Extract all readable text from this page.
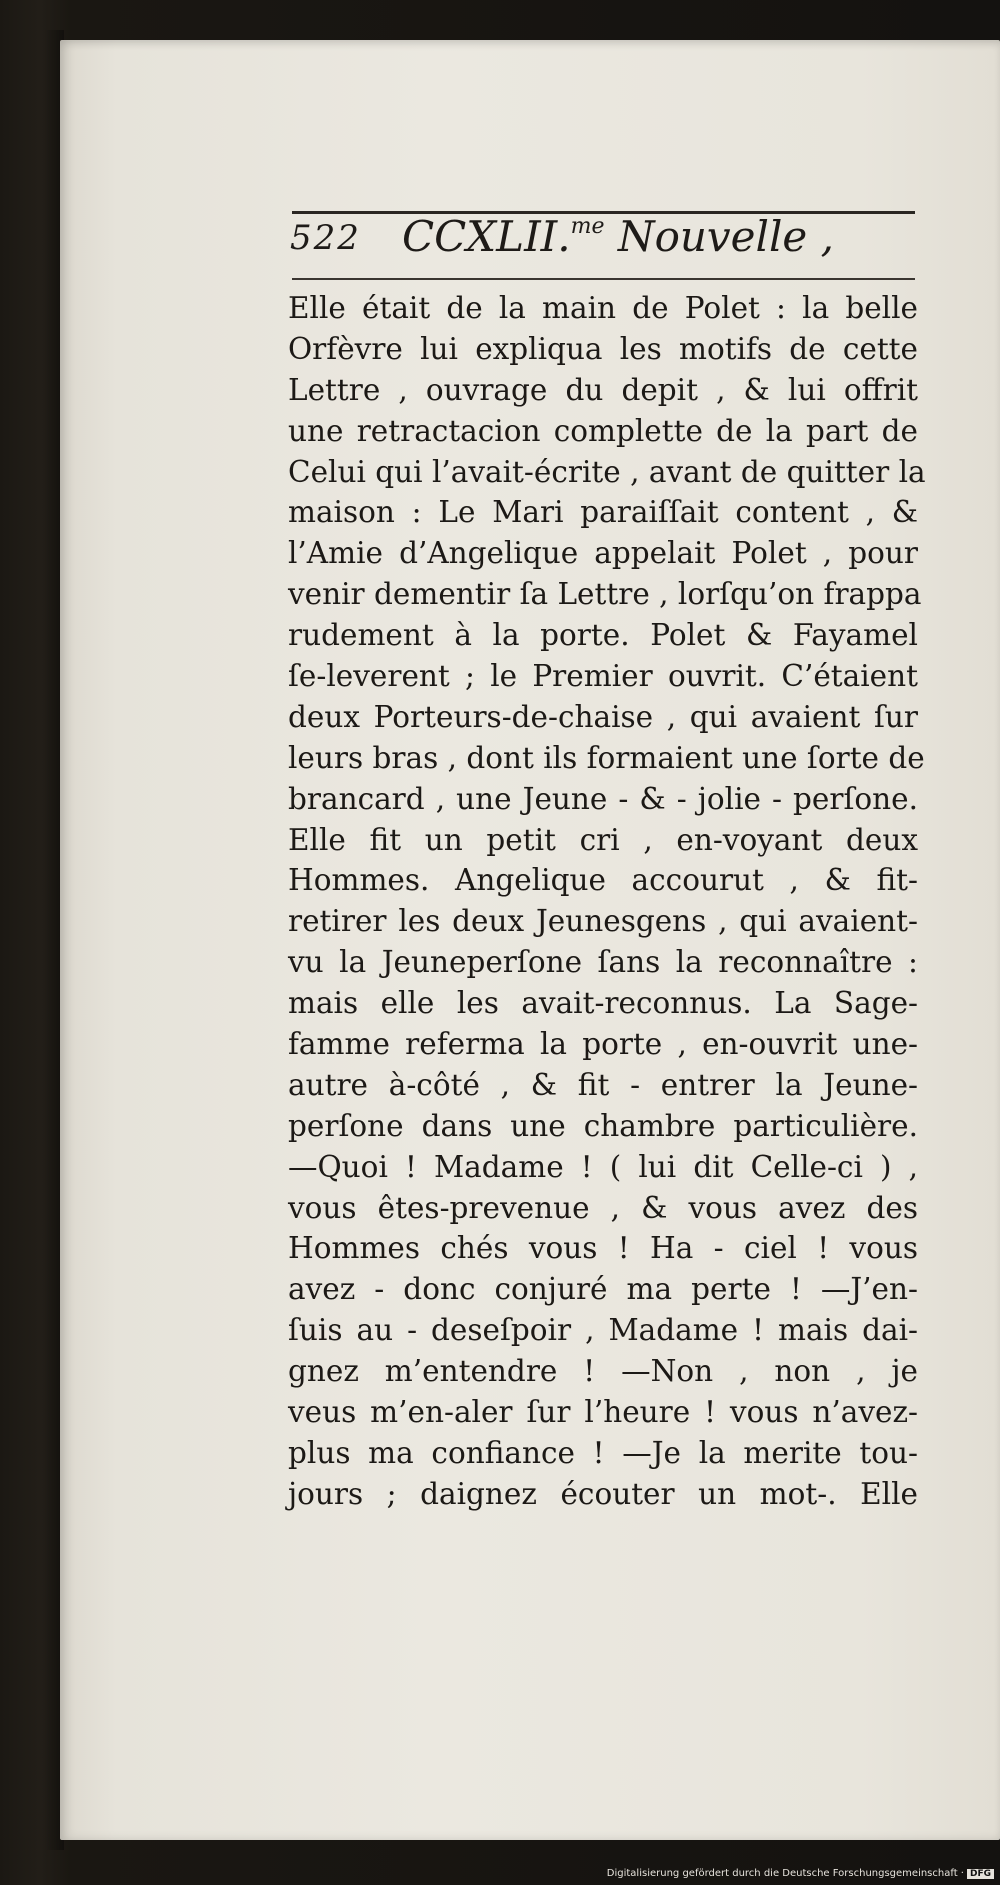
522 CCXLII.$^{me}$ Nouvelle ,
Elle était de la main de Polet : la belle
Orfèvre lui expliqua les motifs de cette
Lettre , ouvrage du depit , & lui offrit
une retractacion complette de la part de
Celui qui l’avait-écrite , avant de quitter la
maison : Le Mari paraiſſait content , &
l’Amie d’Angelique appelait Polet , pour
venir dementir ſa Lettre , lorſqu’on frappa
rudement à la porte. Polet & Fayamel
ſe-leverent ; le Premier ouvrit. C’étaient
deux Porteurs-de-chaise , qui avaient ſur
leurs bras , dont ils formaient une ſorte de
brancard , une Jeune - & - jolie - perſone.
Elle fit un petit cri , en-voyant deux
Hommes. Angelique accourut , & fit-
retirer les deux Jeunesgens , qui avaient-
vu la Jeuneperſone ſans la reconnaître :
mais elle les avait-reconnus. La Sage-
famme referma la porte , en-ouvrit une-
autre à-côté , & fit - entrer la Jeune-
perſone dans une chambre particulière.
—Quoi ! Madame ! ( lui dit Celle-ci ) ,
vous êtes-prevenue , & vous avez des
Hommes chés vous ! Ha - ciel ! vous
avez - donc conjuré ma perte ! —J’en-
ſuis au - deseſpoir , Madame ! mais dai-
gnez m’entendre ! —Non , non , je
veus m’en-aler ſur l’heure ! vous n’avez-
plus ma confiance ! —Je la merite tou-
jours ; daignez écouter un mot-. Elle
Digitalisierung gefördert durch die Deutsche Forschungsgemeinschaft · DFG
